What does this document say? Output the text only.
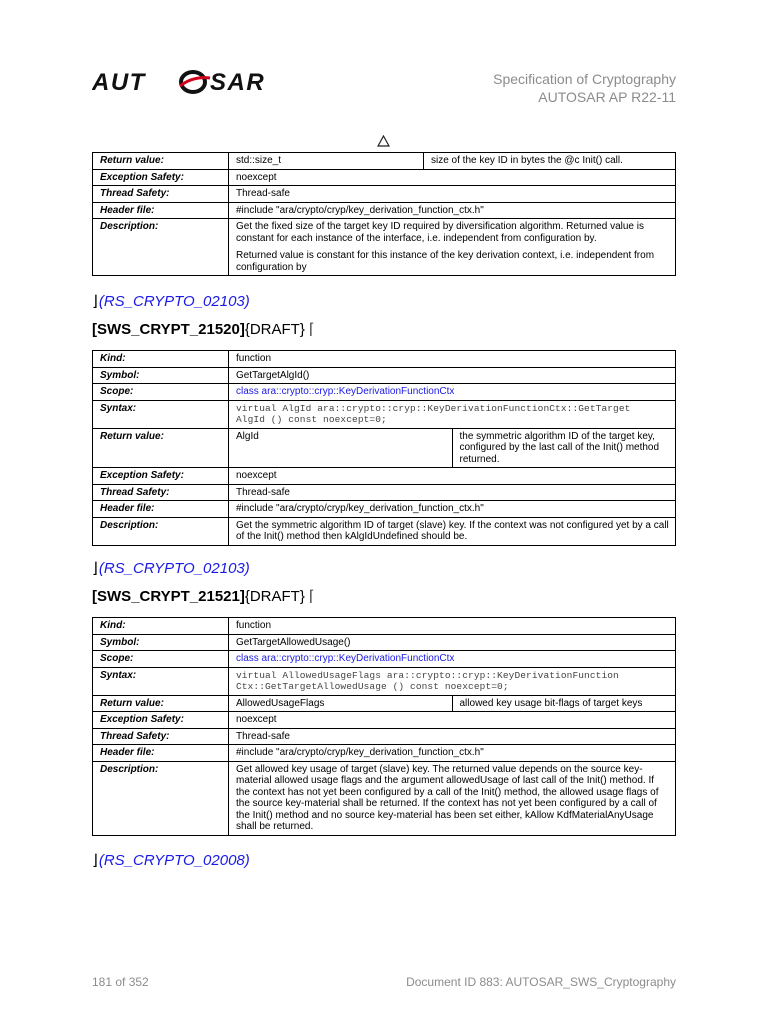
AUT	SAR	Specification of Cryptography
AUTOSAR AP R22-11
Return value:	std::size_t	size of the key ID in bytes the @c Init() call.
Exception Safety:	noexcept	
Thread Safety:	Thread-safe	
Header file:	#include "ara/crypto/cryp/key_derivation_function_ctx.h"	
Description:	Get the fixed size of the target key ID required by diversification algorithm. Returned value is constant for each instance of the interface, i.e. independent from configuration by.
Returned value is constant for this instance of the key derivation context, i.e. independent from configuration by	
⌋(RS_CRYPTO_02103)
[SWS_CRYPT_21520]{DRAFT} ⌈
Kind:	function	
Symbol:	GetTargetAlgId()	
Scope:	class ara::crypto::cryp::KeyDerivationFunctionCtx	
Syntax:	virtual AlgId ara::crypto::cryp::KeyDerivationFunctionCtx::GetTarget
AlgId () const noexcept=0;	

Return value:	AlgId	the symmetric algorithm ID of the target key, configured by the last call of the Init() method returned.
Exception Safety:	noexcept	
Thread Safety:	Thread-safe	
Header file:	#include "ara/crypto/cryp/key_derivation_function_ctx.h"	
Description:	Get the symmetric algorithm ID of target (slave) key. If the context was not configured yet by a call of the Init() method then kAlgIdUndefined should be.	
⌋(RS_CRYPTO_02103)
[SWS_CRYPT_21521]{DRAFT} ⌈
Kind:	function	
Symbol:	GetTargetAllowedUsage()	
Scope:	class ara::crypto::cryp::KeyDerivationFunctionCtx	
Syntax:	virtual AllowedUsageFlags ara::crypto::cryp::KeyDerivationFunction
Ctx::GetTargetAllowedUsage () const noexcept=0;	

Return value:	AllowedUsageFlags	allowed key usage bit-flags of target keys
Exception Safety:	noexcept	
Thread Safety:	Thread-safe	
Header file:	#include "ara/crypto/cryp/key_derivation_function_ctx.h"	
Description:	Get allowed key usage of target (slave) key. The returned value depends on the source key-material allowed usage flags and the argument allowedUsage of last call of the Init() method. If the context has not yet been configured by a call of the Init() method, the allowed usage flags of the source key-material shall be returned. If the context has not yet been configured by a call of the Init() method and no source key-material has been set either, kAllow KdfMaterialAnyUsage shall be returned.	
⌋(RS_CRYPTO_02008)
181 of 352	Document ID 883: AUTOSAR_SWS_Cryptography
